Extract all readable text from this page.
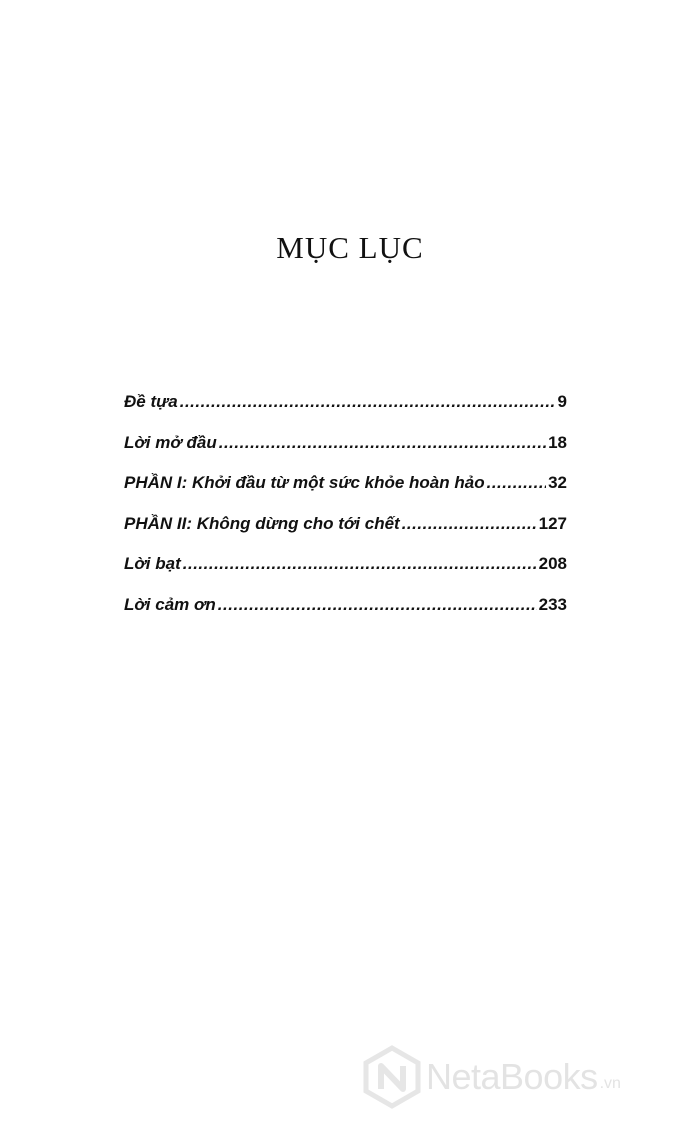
MỤC LỤC
Đề tựa .....	9
Lời mở đầu .....	18
PHẦN I: Khởi đầu từ một sức khỏe hoàn hảo .....	32
PHẦN II: Không dừng cho tới chết .....	127
Lời bạt .....	208
Lời cảm ơn .....	233
NetaBooks .vn
